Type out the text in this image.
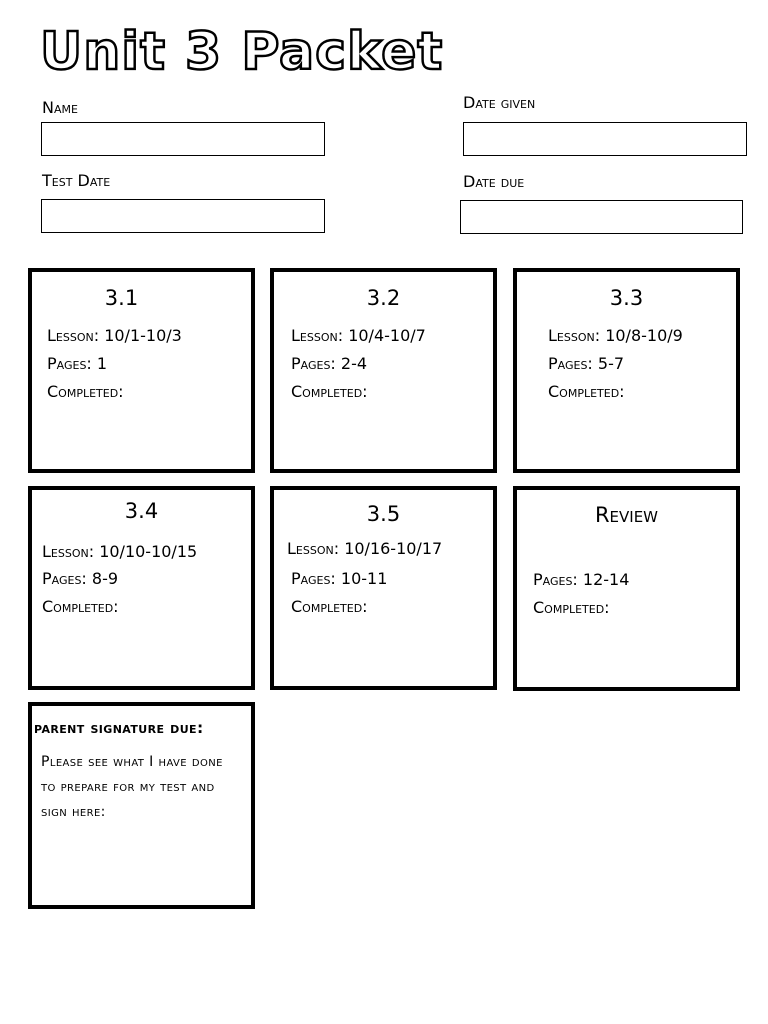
Unit 3 Packet
Name	Date given
Test Date	Date due
3.1
Lesson: 10/1-10/3
Pages: 1
Completed:
3.2
Lesson: 10/4-10/7
Pages: 2-4
Completed:
3.3
Lesson: 10/8-10/9
Pages: 5-7
Completed:
3.4
Lesson: 10/10-10/15
Pages: 8-9
Completed:
3.5
Lesson: 10/16-10/17
Pages: 10-11
Completed:
Review
Pages: 12-14
Completed:
parent signature due:
Please see what I have done to prepare for my test and sign here:
